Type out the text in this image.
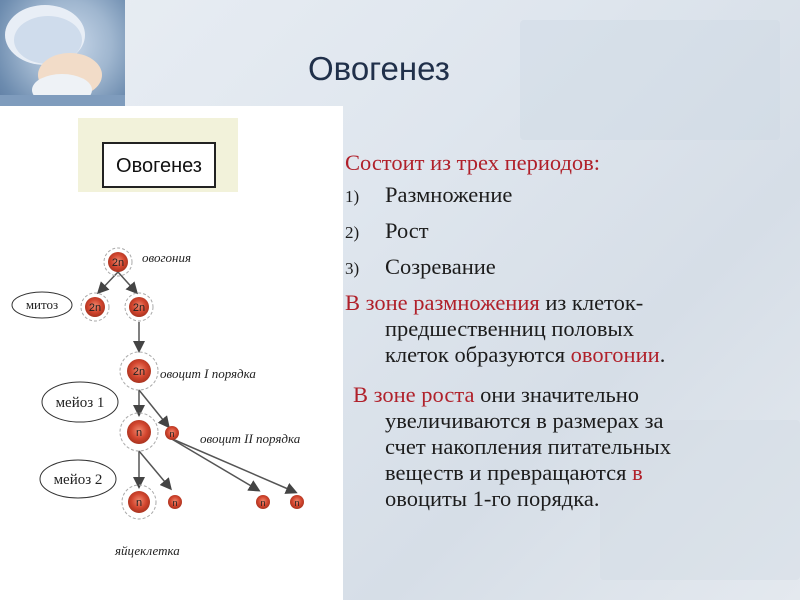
Овогенез
Овогенез
2n
2n	2n
2n
n	n
n	n	n	n
митоз
мейоз 1
мейоз 2
овогония
овоцит I порядка
овоцит II порядка
яйцеклетка
Состоит из трех периодов:
1)	Размножение
2)	Рост
3)	Созревание
В зоне размножения из клеток-
предшественниц половых
клеток образуются овогонии.
В зоне роста они значительно
увеличиваются в размерах за
счет накопления питательных
веществ и превращаются в
овоциты 1-го порядка.
